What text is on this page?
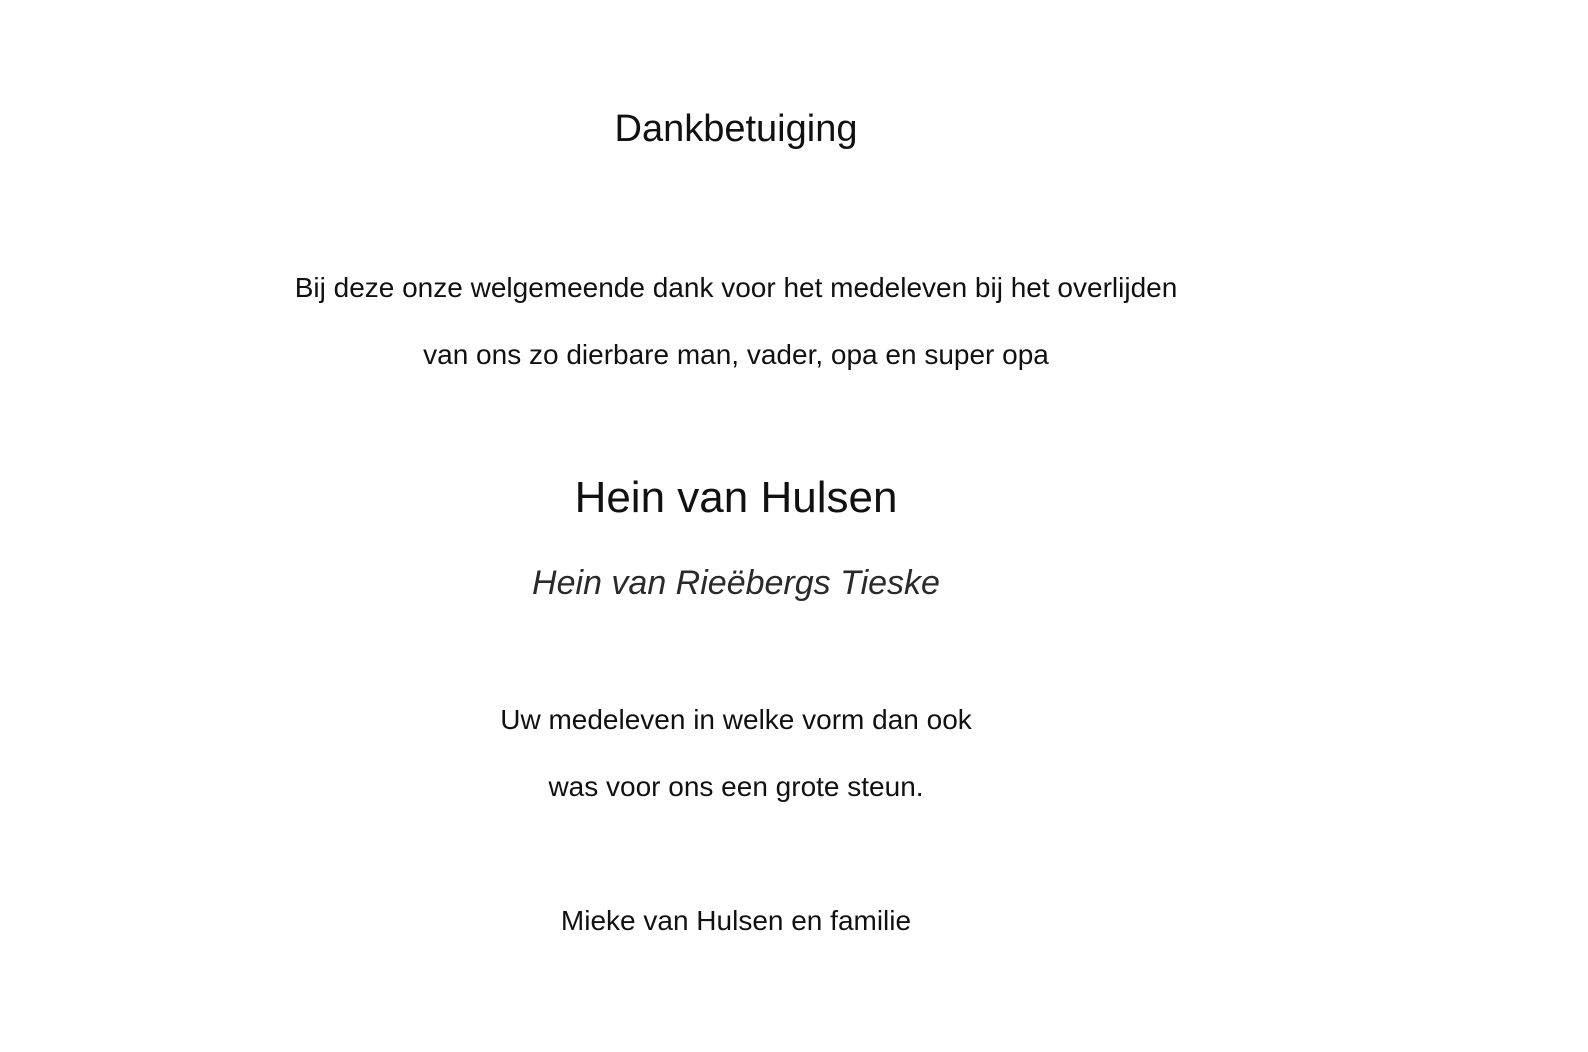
Dankbetuiging
Bij deze onze welgemeende dank voor het medeleven bij het overlijden
van ons zo dierbare man, vader, opa en super opa
Hein van Hulsen
Hein van Rieëbergs Tieske
Uw medeleven in welke vorm dan ook
was voor ons een grote steun.
Mieke van Hulsen en familie
